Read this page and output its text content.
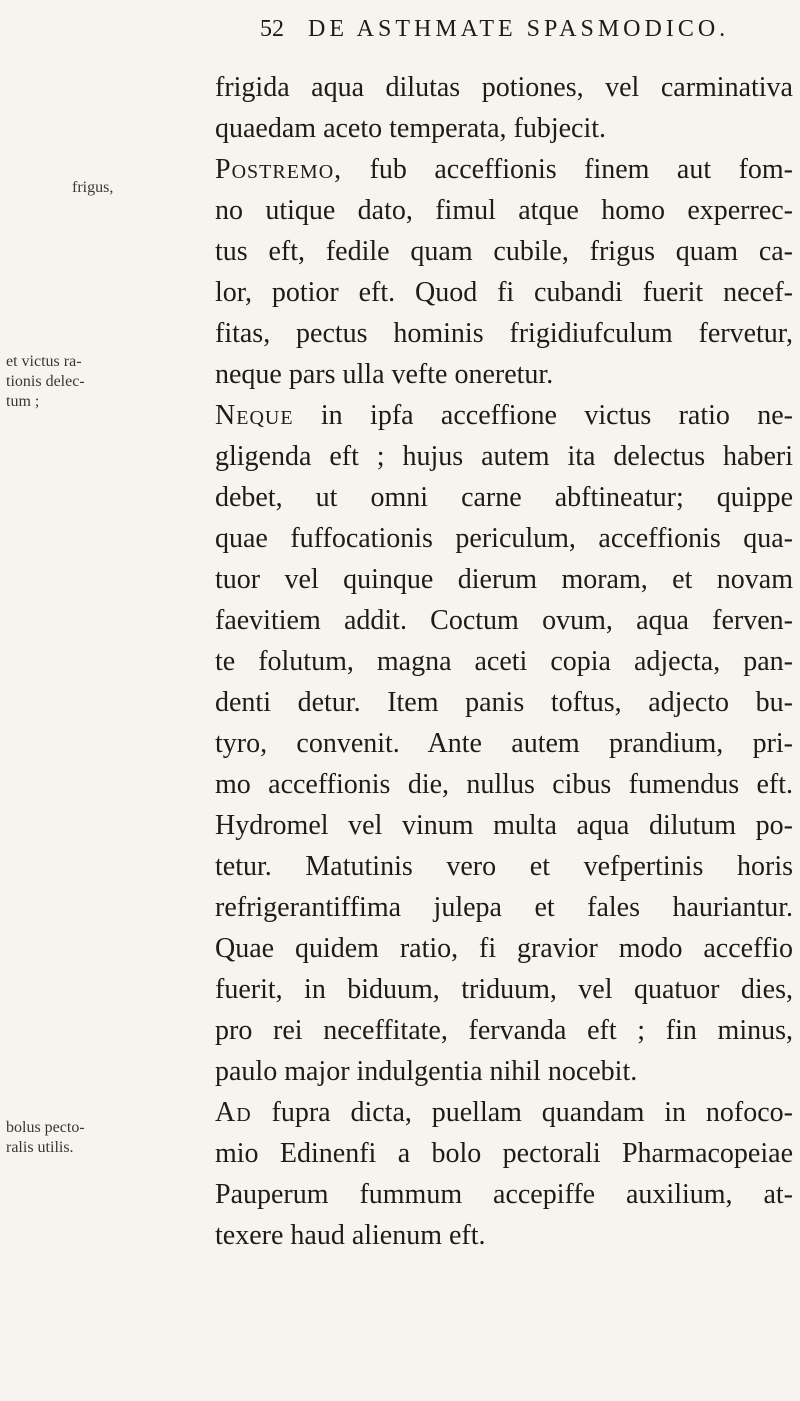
52 DE ASTHMATE SPASMODICO.
frigus,
et victus ra-
tionis delec-
tum ;
bolus pecto-
ralis utilis.
frigida aqua dilutas potiones, vel carminativa
quaedam aceto temperata, fubjecit.
Postremo, fub acceffionis finem aut fom-
no utique dato, fimul atque homo experrec-
tus eft, fedile quam cubile, frigus quam ca-
lor, potior eft. Quod fi cubandi fuerit necef-
fitas, pectus hominis frigidiufculum fervetur,
neque pars ulla vefte oneretur.
Neque in ipfa acceffione victus ratio ne-
gligenda eft ; hujus autem ita delectus haberi
debet, ut omni carne abftineatur; quippe
quae fuffocationis periculum, acceffionis qua-
tuor vel quinque dierum moram, et novam
faevitiem addit. Coctum ovum, aqua ferven-
te folutum, magna aceti copia adjecta, pan-
denti detur. Item panis toftus, adjecto bu-
tyro, convenit. Ante autem prandium, pri-
mo acceffionis die, nullus cibus fumendus eft.
Hydromel vel vinum multa aqua dilutum po-
tetur. Matutinis vero et vefpertinis horis
refrigerantiffima julepa et fales hauriantur.
Quae quidem ratio, fi gravior modo acceffio
fuerit, in biduum, triduum, vel quatuor dies,
pro rei neceffitate, fervanda eft ; fin minus,
paulo major indulgentia nihil nocebit.
Ad fupra dicta, puellam quandam in nofoco-
mio Edinenfi a bolo pectorali Pharmacopeiae
Pauperum fummum accepiffe auxilium, at-
texere haud alienum eft.
